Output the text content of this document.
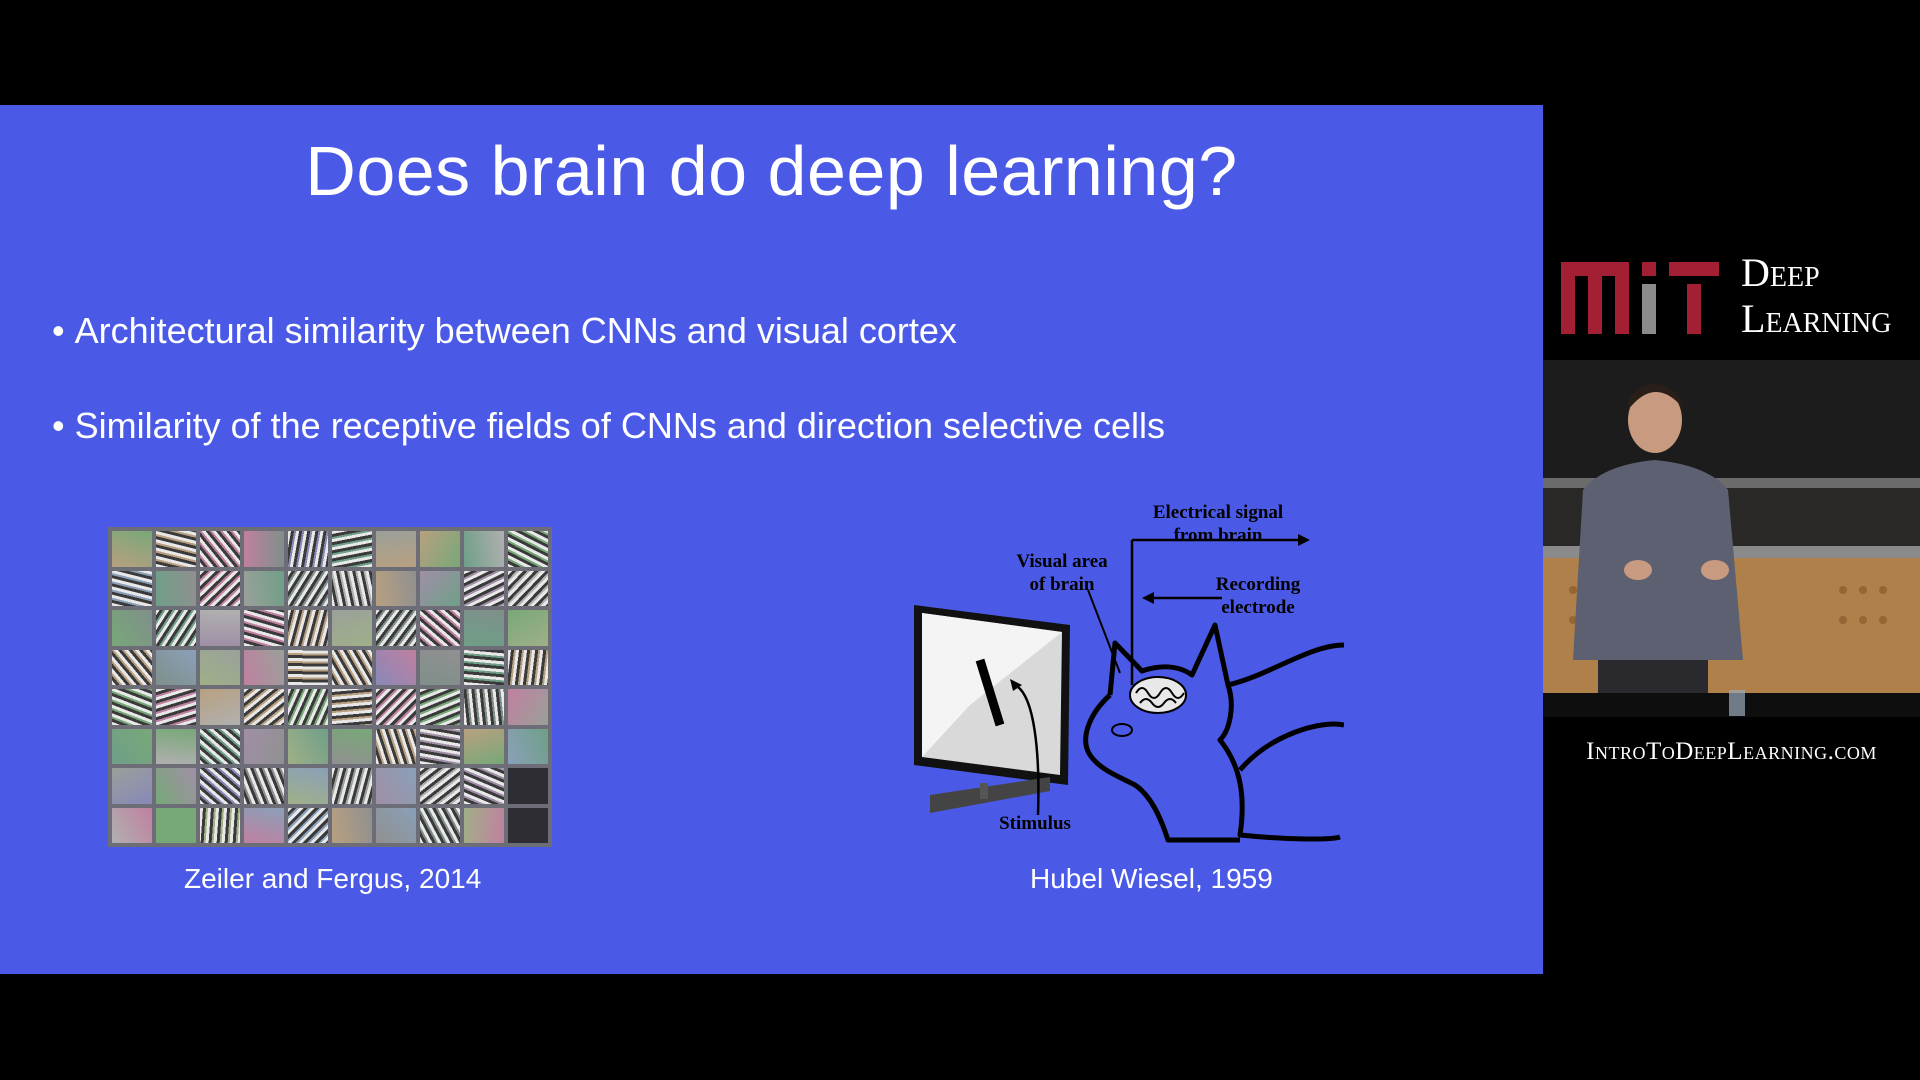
Does brain do deep learning?
• Architectural similarity between CNNs and visual cortex
• Similarity of the receptive fields of CNNs and direction selective cells
Zeiler and Fergus, 2014
Electrical signal
from brain
Visual area
of brain	Recording
electrode
Stimulus
Hubel Wiesel, 1959
Deep
Learning
IntroToDeepLearning.com
